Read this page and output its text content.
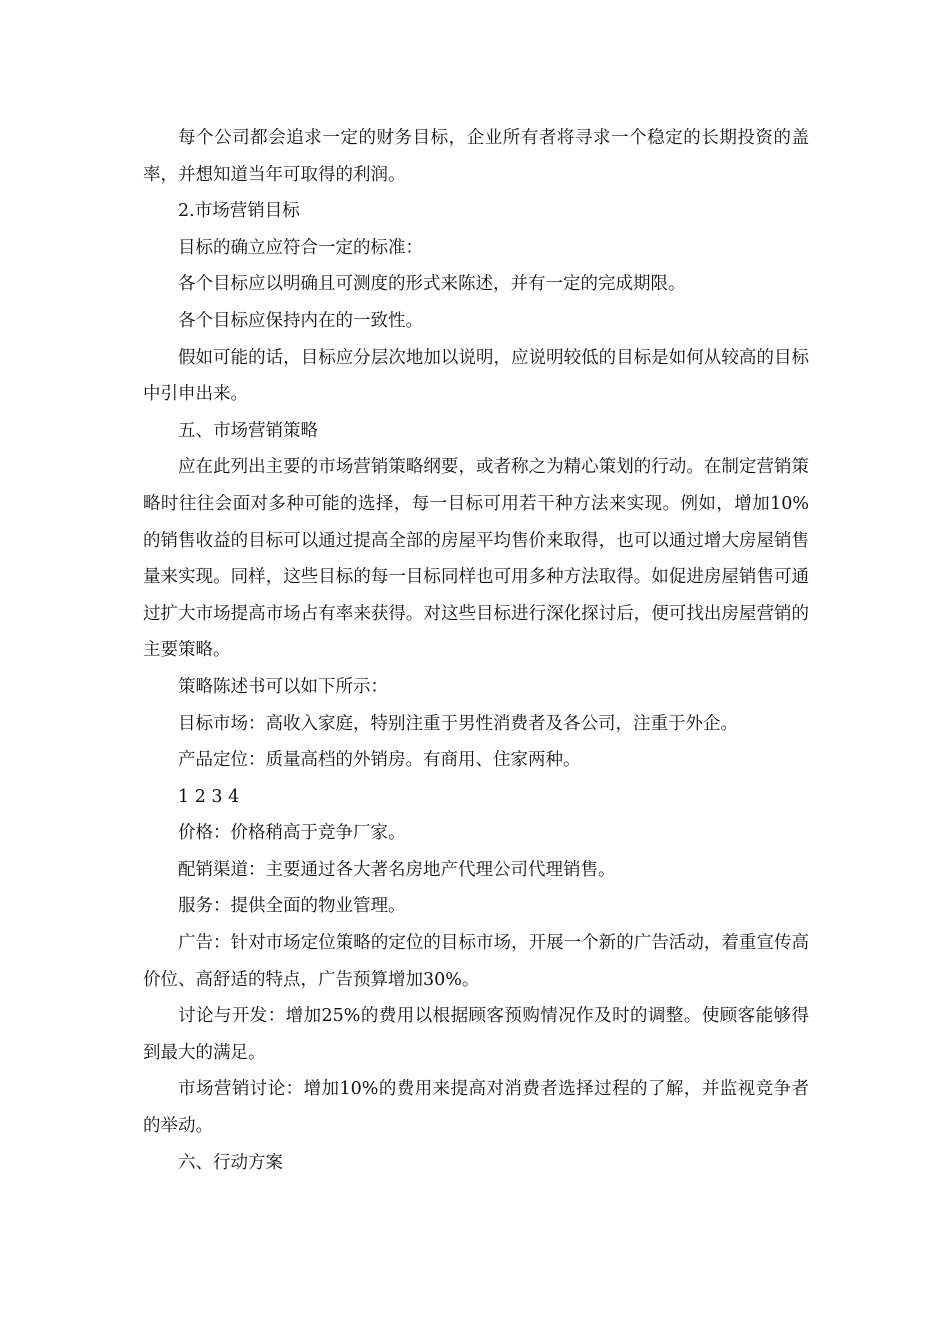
每个公司都会追求一定的财务目标，企业所有者将寻求一个稳定的长期投资的盖率，并想知道当年可取得的利润。

2.市场营销目标

目标的确立应符合一定的标准：

各个目标应以明确且可测度的形式来陈述，并有一定的完成期限。

各个目标应保持内在的一致性。

假如可能的话，目标应分层次地加以说明，应说明较低的目标是如何从较高的目标中引申出来。

五、市场营销策略

应在此列出主要的市场营销策略纲要，或者称之为精心策划的行动。在制定营销策略时往往会面对多种可能的选择，每一目标可用若干种方法来实现。例如，增加10%的销售收益的目标可以通过提高全部的房屋平均售价来取得，也可以通过增大房屋销售量来实现。同样，这些目标的每一目标同样也可用多种方法取得。如促进房屋销售可通过扩大市场提高市场占有率来获得。对这些目标进行深化探讨后，便可找出房屋营销的主要策略。

策略陈述书可以如下所示：

目标市场：高收入家庭，特别注重于男性消费者及各公司，注重于外企。

产品定位：质量高档的外销房。有商用、住家两种。

1 2 3 4

价格：价格稍高于竞争厂家。

配销渠道：主要通过各大著名房地产代理公司代理销售。

服务：提供全面的物业管理。

广告：针对市场定位策略的定位的目标市场，开展一个新的广告活动，着重宣传高价位、高舒适的特点，广告预算增加30%。

讨论与开发：增加25%的费用以根据顾客预购情况作及时的调整。使顾客能够得到最大的满足。

市场营销讨论：增加10%的费用来提高对消费者选择过程的了解，并监视竞争者的举动。

六、行动方案
